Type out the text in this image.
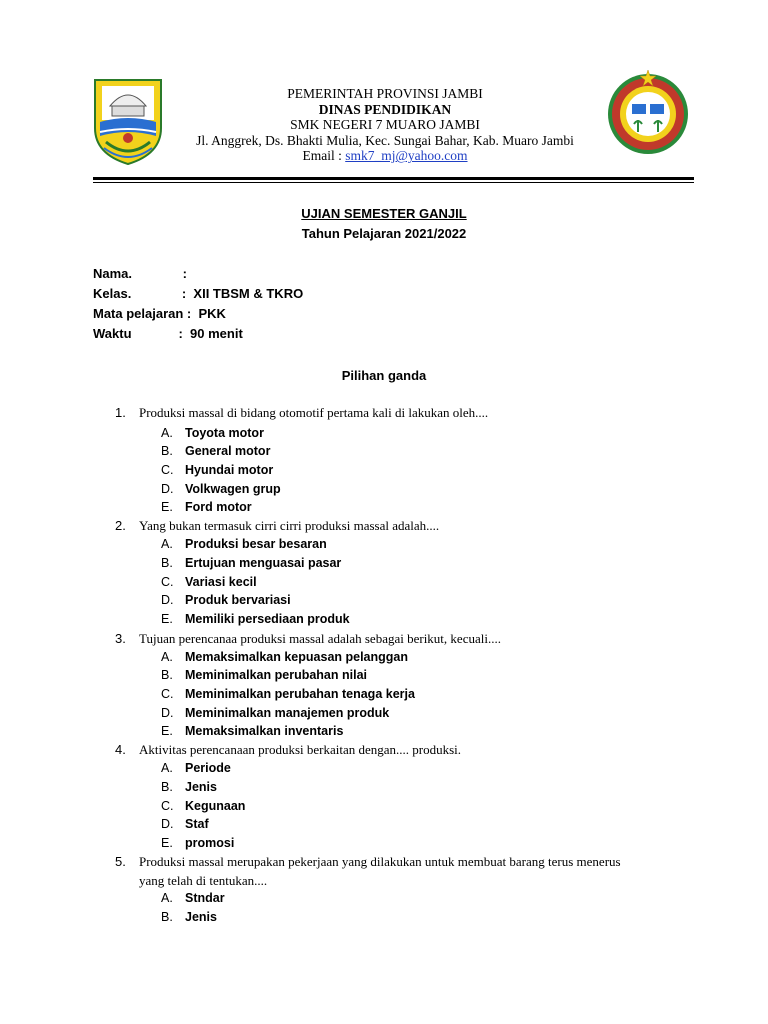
PEMERINTAH PROVINSI JAMBI
DINAS PENDIDIKAN
SMK NEGERI 7 MUARO JAMBI
Jl. Anggrek, Ds. Bhakti Mulia, Kec. Sungai Bahar, Kab. Muaro Jambi
Email : smk7_mj@yahoo.com
UJIAN SEMESTER GANJIL
Tahun Pelajaran 2021/2022
Nama.              :
Kelas.              :  XII TBSM & TKRO
Mata pelajaran :  PKK
Waktu             :  90 menit
Pilihan ganda
1. Produksi massal di bidang otomotif pertama kali di lakukan oleh....
A. Toyota motor
B. General motor
C. Hyundai motor
D. Volkwagen grup
E. Ford motor
2. Yang bukan termasuk cirri cirri produksi massal adalah....
A. Produksi besar besaran
B. Ertujuan menguasai pasar
C. Variasi kecil
D. Produk bervariasi
E. Memiliki persediaan produk
3. Tujuan perencanaa produksi massal adalah sebagai berikut, kecuali....
A. Memaksimalkan kepuasan pelanggan
B. Meminimalkan perubahan nilai
C. Meminimalkan perubahan tenaga kerja
D. Meminimalkan manajemen produk
E. Memaksimalkan inventaris
4. Aktivitas perencanaan produksi berkaitan dengan.... produksi.
A. Periode
B. Jenis
C. Kegunaan
D. Staf
E. promosi
5. Produksi massal merupakan pekerjaan yang dilakukan untuk membuat barang terus menerus
yang telah di tentukan....
A. Stndar
B. Jenis
